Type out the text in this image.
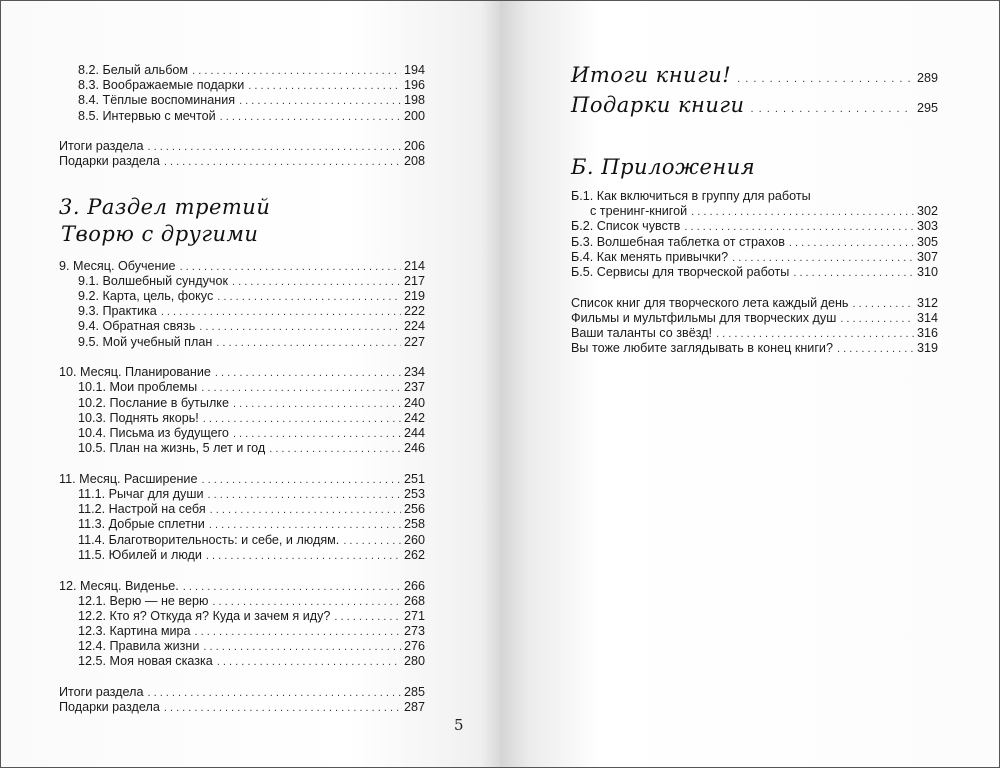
8.2. Белый альбом . . .	194
8.3. Воображаемые подарки . . .	196
8.4. Тёплые воспоминания . . .	198
8.5. Интервью с мечтой . . .	200
Итоги раздела . . .	206
Подарки раздела . . .	208
3. Раздел третий
Творю с другими
9. Месяц. Обучение . . .	214
9.1. Волшебный сундучок . . .	217
9.2. Карта, цель, фокус . . .	219
9.3. Практика . . .	222
9.4. Обратная связь . . .	224
9.5. Мой учебный план . . .	227
10. Месяц. Планирование . . .	234
10.1. Мои проблемы . . .	237
10.2. Послание в бутылке . . .	240
10.3. Поднять якорь! . . .	242
10.4. Письма из будущего . . .	244
10.5. План на жизнь, 5 лет и год . . .	246
11. Месяц. Расширение . . .	251
11.1. Рычаг для души . . .	253
11.2. Настрой на себя . . .	256
11.3. Добрые сплетни . . .	258
11.4. Благотворительность: и себе, и людям. . . .	260
11.5. Юбилей и люди . . .	262
12. Месяц. Виденье. . . .	266
12.1. Верю — не верю . . .	268
12.2. Кто я? Откуда я? Куда и зачем я иду? . . .	271
12.3. Картина мира . . .	273
12.4. Правила жизни . . .	276
12.5. Моя новая сказка . . .	280
Итоги раздела . . .	285
Подарки раздела . . .	287
5
Итоги книги! . . .	289
Подарки книги . . .	295
Б. Приложения
Б.1. Как включиться в группу для работы
с тренинг-книгой . . .	302
Б.2. Список чувств . . .	303
Б.3. Волшебная таблетка от страхов . . .	305
Б.4. Как менять привычки? . . .	307
Б.5. Сервисы для творческой работы . . .	310
Список книг для творческого лета каждый день . . .	312
Фильмы и мультфильмы для творческих душ . . .	314
Ваши таланты со звёзд! . . .	316
Вы тоже любите заглядывать в конец книги? . . .	319
